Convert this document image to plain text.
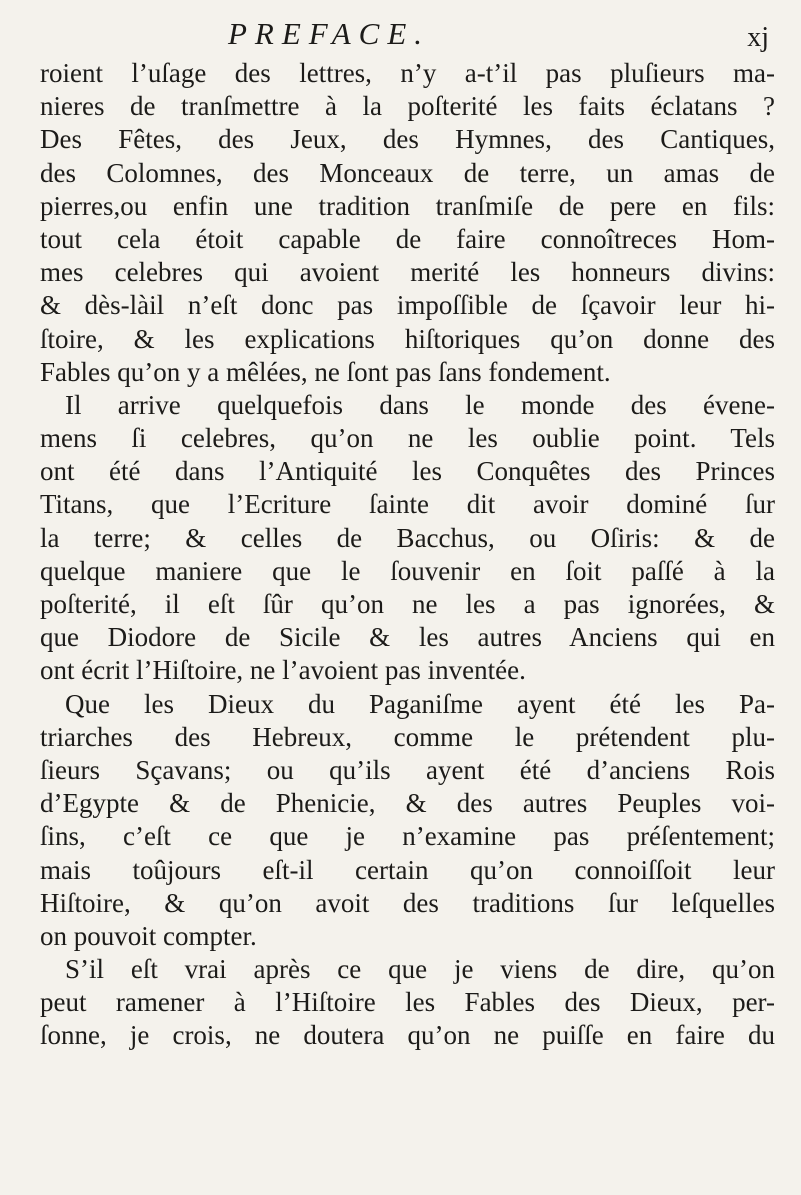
PREFACE.	xj
roient l’uſage des lettres, n’y a-t’il pas pluſieurs ma-
nieres de tranſmettre à la poſterité les faits éclatans ?
Des Fêtes, des Jeux, des Hymnes, des Cantiques,
des Colomnes, des Monceaux de terre, un amas de
pierres,ou enfin une tradition tranſmiſe de pere en fils:
tout cela étoit capable de faire connoîtreces Hom-
mes celebres qui avoient merité les honneurs divins:
& dès-làil n’eſt donc pas impoſſible de ſçavoir leur hi-
ſtoire, & les explications hiſtoriques qu’on donne des
Fables qu’on y a mêlées, ne ſont pas ſans fondement.
Il arrive quelquefois dans le monde des évene-
mens ſi celebres, qu’on ne les oublie point. Tels
ont été dans l’Antiquité les Conquêtes des Princes
Titans, que l’Ecriture ſainte dit avoir dominé ſur
la terre; & celles de Bacchus, ou Oſiris: & de
quelque maniere que le ſouvenir en ſoit paſſé à la
poſterité, il eſt ſûr qu’on ne les a pas ignorées, &
que Diodore de Sicile & les autres Anciens qui en
ont écrit l’Hiſtoire, ne l’avoient pas inventée.
Que les Dieux du Paganiſme ayent été les Pa-
triarches des Hebreux, comme le prétendent plu-
ſieurs Sçavans; ou qu’ils ayent été d’anciens Rois
d’Egypte & de Phenicie, & des autres Peuples voi-
ſins, c’eſt ce que je n’examine pas préſentement;
mais toûjours eſt-il certain qu’on connoiſſoit leur
Hiſtoire, & qu’on avoit des traditions ſur leſquelles
on pouvoit compter.
S’il eſt vrai après ce que je viens de dire, qu’on
peut ramener à l’Hiſtoire les Fables des Dieux, per-
ſonne, je crois, ne doutera qu’on ne puiſſe en faire du
